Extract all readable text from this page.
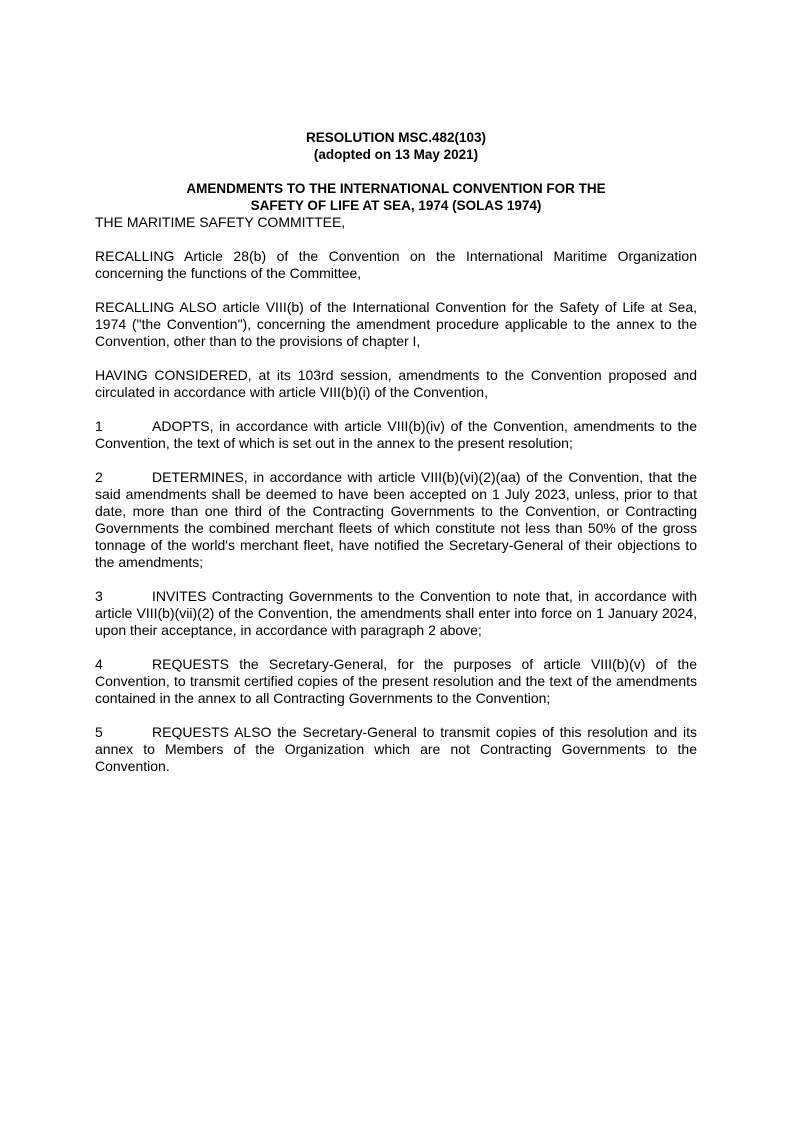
RESOLUTION MSC.482(103)
(adopted on 13 May 2021)
AMENDMENTS TO THE INTERNATIONAL CONVENTION FOR THE
SAFETY OF LIFE AT SEA, 1974 (SOLAS 1974)

THE MARITIME SAFETY COMMITTEE,

RECALLING Article 28(b) of the Convention on the International Maritime Organization concerning the functions of the Committee,

RECALLING ALSO article VIII(b) of the International Convention for the Safety of Life at Sea, 1974 ("the Convention"), concerning the amendment procedure applicable to the annex to the Convention, other than to the provisions of chapter I,

HAVING CONSIDERED, at its 103rd session, amendments to the Convention proposed and circulated in accordance with article VIII(b)(i) of the Convention,

1	ADOPTS, in accordance with article VIII(b)(iv) of the Convention, amendments to the Convention, the text of which is set out in the annex to the present resolution;

2	DETERMINES, in accordance with article VIII(b)(vi)(2)(aa) of the Convention, that the said amendments shall be deemed to have been accepted on 1 July 2023, unless, prior to that date, more than one third of the Contracting Governments to the Convention, or Contracting Governments the combined merchant fleets of which constitute not less than 50% of the gross tonnage of the world's merchant fleet, have notified the Secretary-General of their objections to the amendments;

3	INVITES Contracting Governments to the Convention to note that, in accordance with article VIII(b)(vii)(2) of the Convention, the amendments shall enter into force on 1 January 2024, upon their acceptance, in accordance with paragraph 2 above;

4	REQUESTS the Secretary-General, for the purposes of article VIII(b)(v) of the Convention, to transmit certified copies of the present resolution and the text of the amendments contained in the annex to all Contracting Governments to the Convention;

5	REQUESTS ALSO the Secretary-General to transmit copies of this resolution and its annex to Members of the Organization which are not Contracting Governments to the Convention.
